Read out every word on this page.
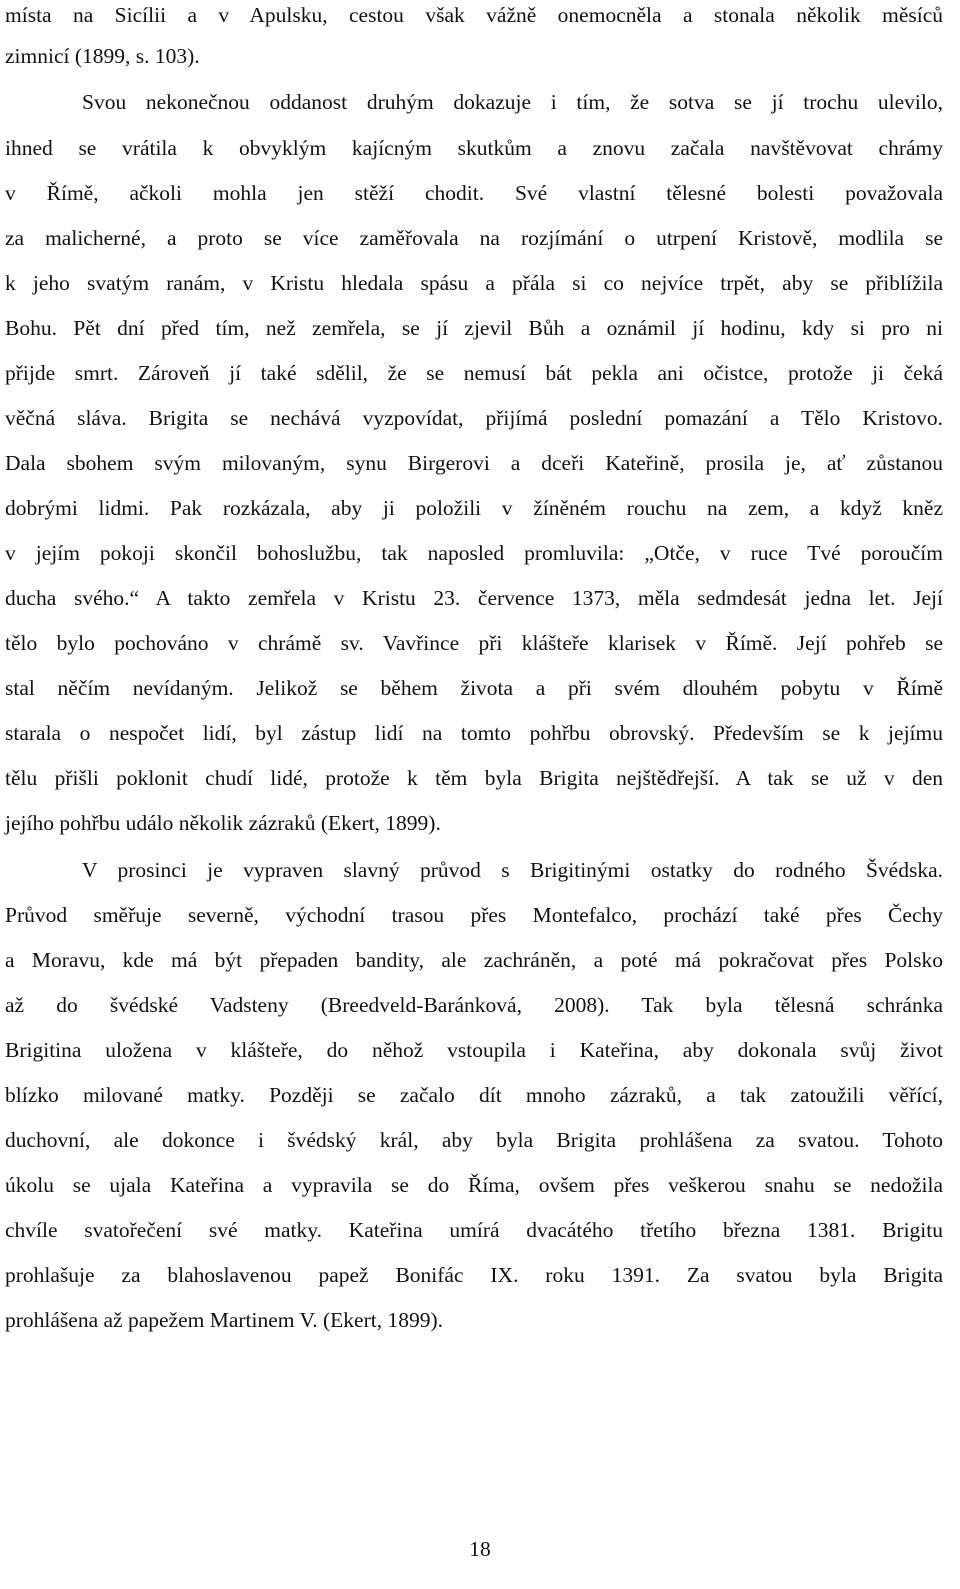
místa na Sicílii a v Apulsku, cestou však vážně onemocněla a stonala několik měsíců
zimnicí (1899, s. 103).
Svou nekonečnou oddanost druhým dokazuje i tím, že sotva se jí trochu ulevilo,
ihned se vrátila k obvyklým kajícným skutkům a znovu začala navštěvovat chrámy
v Římě, ačkoli mohla jen stěží chodit. Své vlastní tělesné bolesti považovala
za malicherné, a proto se více zaměřovala na rozjímání o utrpení Kristově, modlila se
k jeho svatým ranám, v Kristu hledala spásu a přála si co nejvíce trpět, aby se přiblížila
Bohu. Pět dní před tím, než zemřela, se jí zjevil Bůh a oznámil jí hodinu, kdy si pro ni
přijde smrt. Zároveň jí také sdělil, že se nemusí bát pekla ani očistce, protože ji čeká
věčná sláva. Brigita se nechává vyzpovídat, přijímá poslední pomazání a Tělo Kristovo.
Dala sbohem svým milovaným, synu Birgerovi a dceři Kateřině, prosila je, ať zůstanou
dobrými lidmi. Pak rozkázala, aby ji položili v žíněném rouchu na zem, a když kněz
v jejím pokoji skončil bohoslužbu, tak naposled promluvila: „Otče, v ruce Tvé poroučím
ducha svého.“ A takto zemřela v Kristu 23. července 1373, měla sedmdesát jedna let. Její
tělo bylo pochováno v chrámě sv. Vavřince při klášteře klarisek v Římě. Její pohřeb se
stal něčím nevídaným. Jelikož se během života a při svém dlouhém pobytu v Římě
starala o nespočet lidí, byl zástup lidí na tomto pohřbu obrovský. Především se k jejímu
tělu přišli poklonit chudí lidé, protože k těm byla Brigita nejštědřejší. A tak se už v den
jejího pohřbu událo několik zázraků (Ekert, 1899).
V prosinci je vypraven slavný průvod s Brigitinými ostatky do rodného Švédska.
Průvod směřuje severně, východní trasou přes Montefalco, prochází také přes Čechy
a Moravu, kde má být přepaden bandity, ale zachráněn, a poté má pokračovat přes Polsko
až do švédské Vadsteny (Breedveld-Baránková, 2008). Tak byla tělesná schránka
Brigitina uložena v klášteře, do něhož vstoupila i Kateřina, aby dokonala svůj život
blízko milované matky. Později se začalo dít mnoho zázraků, a tak zatoužili věřící,
duchovní, ale dokonce i švédský král, aby byla Brigita prohlášena za svatou. Tohoto
úkolu se ujala Kateřina a vypravila se do Říma, ovšem přes veškerou snahu se nedožila
chvíle svatořečení své matky. Kateřina umírá dvacátého třetího března 1381. Brigitu
prohlašuje za blahoslavenou papež Bonifác IX. roku 1391. Za svatou byla Brigita
prohlášena až papežem Martinem V. (Ekert, 1899).
18
